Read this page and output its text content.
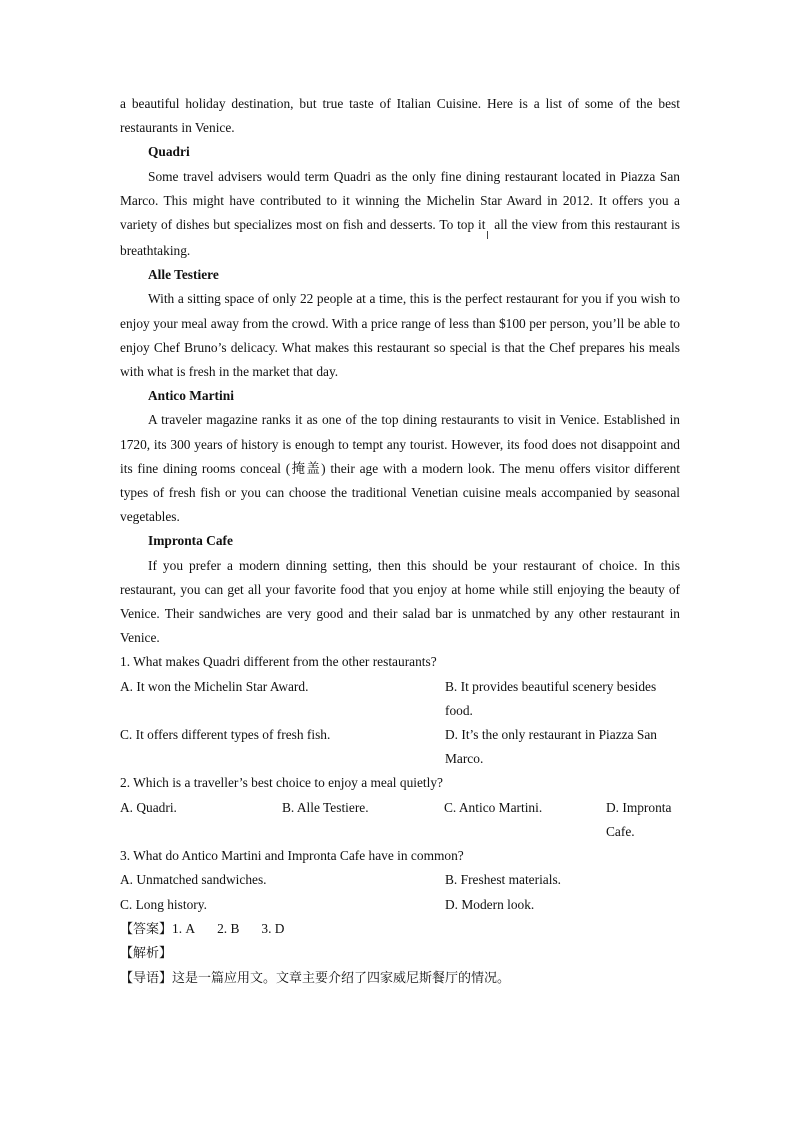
a beautiful holiday destination, but true taste of Italian Cuisine. Here is a list of some of the best restaurants in Venice.

Quadri

Some travel advisers would term Quadri as the only fine dining restaurant located in Piazza San Marco. This might have contributed to it winning the Michelin Star Award in 2012. It offers you a variety of dishes but specializes most on fish and desserts. To top it all the view from this restaurant is breathtaking.

Alle Testiere

With a sitting space of only 22 people at a time, this is the perfect restaurant for you if you wish to enjoy your meal away from the crowd. With a price range of less than $100 per person, you’ll be able to enjoy Chef Bruno’s delicacy. What makes this restaurant so special is that the Chef prepares his meals with what is fresh in the market that day.

Antico Martini

A traveler magazine ranks it as one of the top dining restaurants to visit in Venice. Established in 1720, its 300 years of history is enough to tempt any tourist. However, its food does not disappoint and its fine dining rooms conceal (掩盖) their age with a modern look. The menu offers visitor different types of fresh fish or you can choose the traditional Venetian cuisine meals accompanied by seasonal vegetables.

Impronta Cafe

If you prefer a modern dinning setting, then this should be your restaurant of choice. In this restaurant, you can get all your favorite food that you enjoy at home while still enjoying the beauty of Venice. Their sandwiches are very good and their salad bar is unmatched by any other restaurant in Venice.

1. What makes Quadri different from the other restaurants?

A. It won the Michelin Star Award.	B. It provides beautiful scenery besides food.
C. It offers different types of fresh fish.	D. It’s the only restaurant in Piazza San Marco.

2. Which is a traveller’s best choice to enjoy a meal quietly?

A. Quadri.	B. Alle Testiere.	C. Antico Martini.	D. Impronta Cafe.

3. What do Antico Martini and Impronta Cafe have in common?

A. Unmatched sandwiches.	B. Freshest materials.
C. Long history.	D. Modern look.

【答案】1. A 2. B 3. D

【解析】

【导语】这是一篇应用文。文章主要介绍了四家威尼斯餐厅的情况。
